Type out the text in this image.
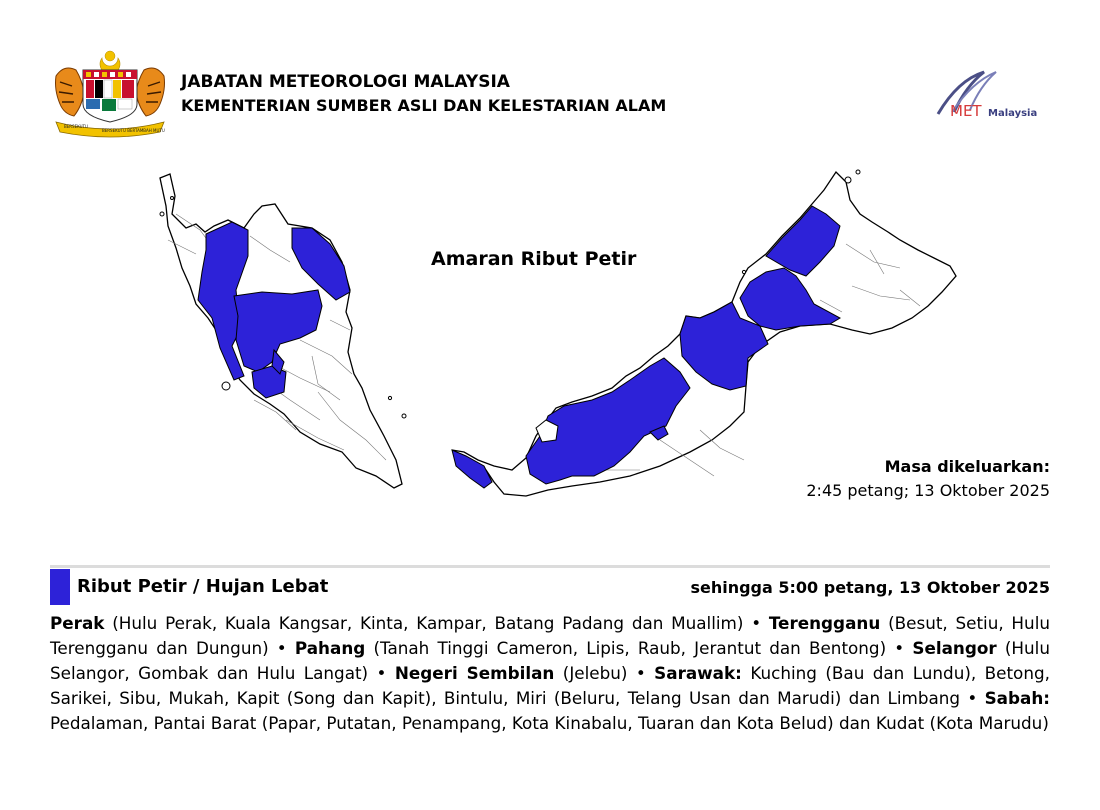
BERSEKUTU
BERSEKUTU BERTAMBAH MUTU
JABATAN METEOROLOGI MALAYSIA
KEMENTERIAN SUMBER ASLI DAN KELESTARIAN ALAM	MET Malaysia
Amaran Ribut Petir
Masa dikeluarkan:
2:45 petang; 13 Oktober 2025
Ribut Petir / Hujan Lebat	sehingga 5:00 petang, 13 Oktober 2025
Perak (Hulu Perak, Kuala Kangsar, Kinta, Kampar, Batang Padang dan Muallim) • Terengganu (Besut, Setiu, Hulu Terengganu dan Dungun) • Pahang (Tanah Tinggi Cameron, Lipis, Raub, Jerantut dan Bentong) • Selangor (Hulu Selangor, Gombak dan Hulu Langat) • Negeri Sembilan (Jelebu) • Sarawak: Kuching (Bau dan Lundu), Betong, Sarikei, Sibu, Mukah, Kapit (Song dan Kapit), Bintulu, Miri (Beluru, Telang Usan dan Marudi) dan Limbang • Sabah: Pedalaman, Pantai Barat (Papar, Putatan, Penampang, Kota Kinabalu, Tuaran dan Kota Belud) dan Kudat (Kota Marudu)
